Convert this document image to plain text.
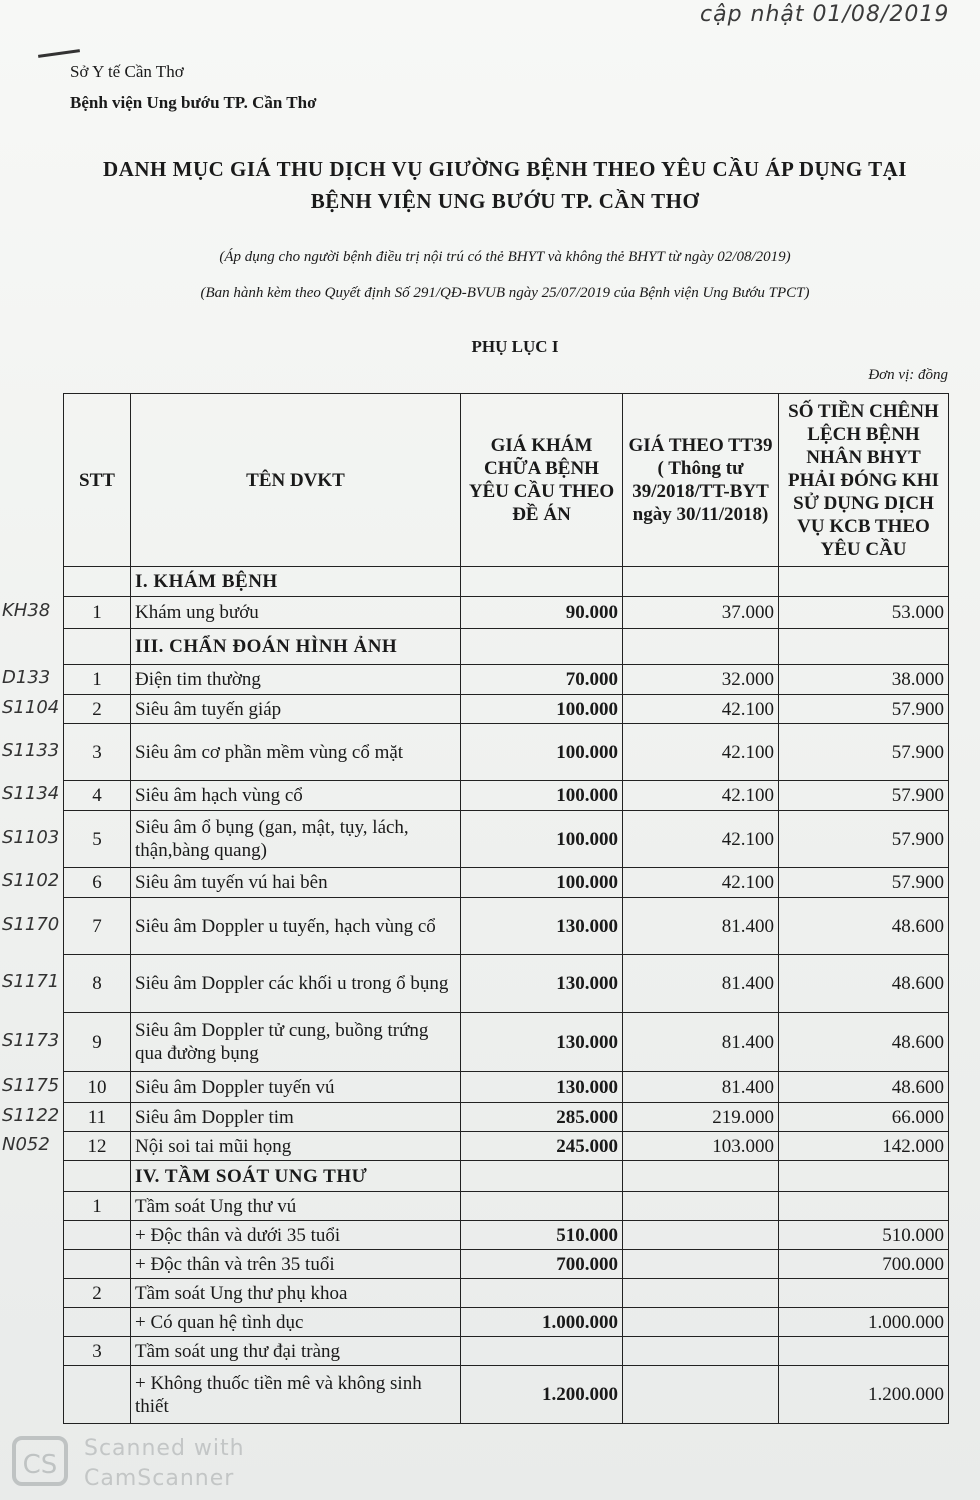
cập nhật 01/08/2019
Sở Y tế Cần Thơ
Bệnh viện Ung bướu TP. Cần Thơ
DANH MỤC GIÁ THU DỊCH VỤ GIƯỜNG BỆNH THEO YÊU CẦU ÁP DỤNG TẠI
BỆNH VIỆN UNG BƯỚU TP. CẦN THƠ
(Áp dụng cho người bệnh điều trị nội trú có thẻ BHYT và không thẻ BHYT từ ngày 02/08/2019)
(Ban hành kèm theo Quyết định Số 291/QĐ-BVUB ngày 25/07/2019 của Bệnh viện Ung Bướu TPCT)
PHỤ LỤC I
Đơn vị: đồng
STT	TÊN DVKT	GIÁ KHÁM CHỮA BỆNH YÊU CẦU THEO ĐỀ ÁN	GIÁ THEO TT39 ( Thông tư 39/2018/TT-BYT ngày 30/11/2018)	SỐ TIỀN CHÊNH LỆCH BỆNH NHÂN BHYT PHẢI ĐÓNG KHI SỬ DỤNG DỊCH VỤ KCB THEO YÊU CẦU
	I. KHÁM BỆNH			
1	Khám ung bướu	90.000	37.000	53.000
	III. CHẨN ĐOÁN HÌNH ẢNH			
1	Điện tim thường	70.000	32.000	38.000
2	Siêu âm tuyến giáp	100.000	42.100	57.900
3	Siêu âm cơ phần mềm vùng cổ mặt	100.000	42.100	57.900
4	Siêu âm hạch vùng cổ	100.000	42.100	57.900
5	Siêu âm ổ bụng (gan, mật, tụy, lách, thận,bàng quang)	100.000	42.100	57.900
6	Siêu âm tuyến vú hai bên	100.000	42.100	57.900
7	Siêu âm Doppler u tuyến, hạch vùng cổ	130.000	81.400	48.600
8	Siêu âm Doppler các khối u trong ổ bụng	130.000	81.400	48.600
9	Siêu âm Doppler tử cung, buồng trứng qua đường bụng	130.000	81.400	48.600
10	Siêu âm Doppler tuyến vú	130.000	81.400	48.600
11	Siêu âm Doppler tim	285.000	219.000	66.000
12	Nội soi tai mũi họng	245.000	103.000	142.000
	IV. TẦM SOÁT UNG THƯ			
1	Tầm soát Ung thư vú			
	+ Độc thân và dưới 35 tuổi	510.000		510.000
	+ Độc thân và trên 35 tuổi	700.000		700.000
2	Tầm soát Ung thư phụ khoa			
	+ Có quan hệ tình dục	1.000.000		1.000.000
3	Tầm soát ung thư đại tràng			
	+ Không thuốc tiền mê và không sinh thiết	1.200.000		1.200.000
KH38
D133
S1104
S1133
S1134
S1103
S1102
S1170
S1171
S1173
S1175
S1122
N052
CS
Scanned with
CamScanner
